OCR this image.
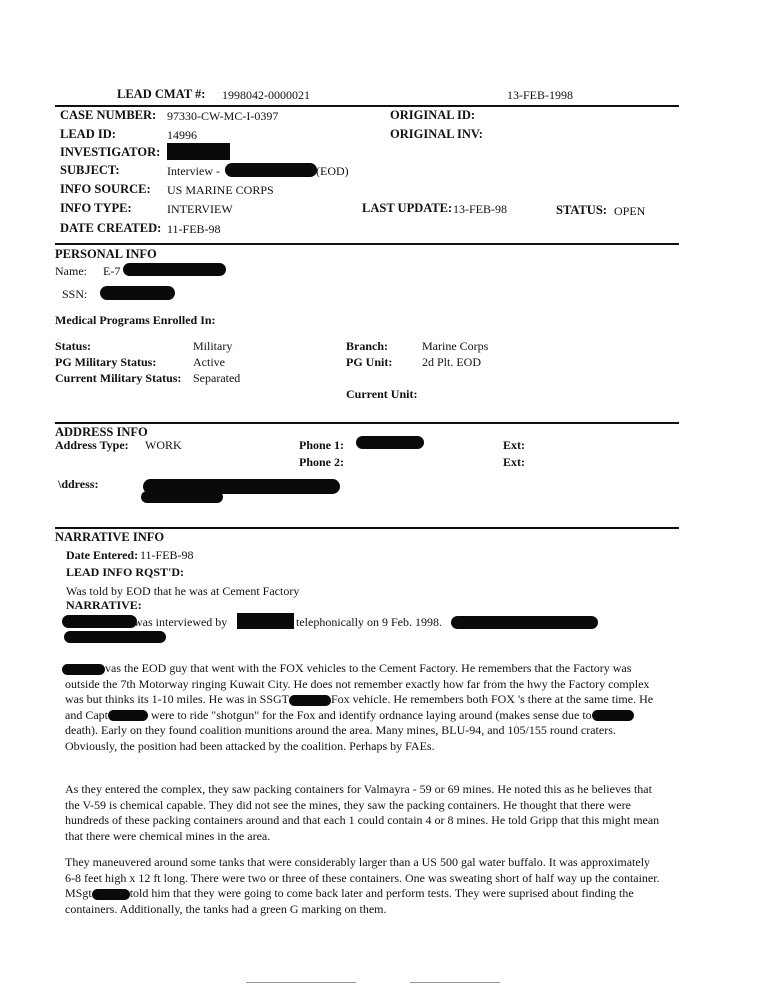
LEAD CMAT #: 1998042-0000021	13-FEB-1998
CASE NUMBER: 97330-CW-MC-I-0397	ORIGINAL ID:
LEAD ID:	14996	ORIGINAL INV:
INVESTIGATOR:
SUBJECT:	Interview -	(EOD)
INFO SOURCE: US MARINE CORPS
INFO TYPE:	INTERVIEW	LAST UPDATE: 13-FEB-98	STATUS: OPEN
DATE CREATED: 11-FEB-98
PERSONAL INFO
Name: E-7
SSN:
Medical Programs Enrolled In:
Status:	Military	Branch:	Marine Corps
PG Military Status:	Active	PG Unit: 2d Plt. EOD
Current Military Status: Separated
Current Unit:
ADDRESS INFO
Address Type: WORK	Phone 1:	Ext:
Phone 2:	Ext:
\ddress:
NARRATIVE INFO
Date Entered: 11-FEB-98
LEAD INFO RQST'D:
Was told by EOD that he was at Cement Factory
NARRATIVE:
was interviewed by	telephonically on 9 Feb. 1998.
vas the EOD guy that went with the FOX vehicles to the Cement Factory. He remembers that the Factory was outside the 7th Motorway ringing Kuwait City. He does not remember exactly how far from the hwy the Factory complex was but thinks its 1-10 miles. He was in SSGT	Fox vehicle. He remembers both FOX 's there at the same time. He and Capt	were to ride "shotgun" for the Fox and identify ordnance laying around (makes sense due todeath). Early on they found coalition munitions around the area. Many mines, BLU-94, and 105/155 round craters. Obviously, the position had been attacked by the coalition. Perhaps by FAEs.
As they entered the complex, they saw packing containers for Valmayra - 59 or 69 mines. He noted this as he believes that the V-59 is chemical capable. They did not see the mines, they saw the packing containers. He thought that there were hundreds of these packing containers around and that each 1 could contain 4 or 8 mines. He told Gripp that this might mean that there were chemical mines in the area.
They maneuvered around some tanks that were considerably larger than a US 500 gal water buffalo. It was approximately 6-8 feet high x 12 ft long. There were two or three of these containers. One was sweating short of half way up the container. MSgt	told him that they were going to come back later and perform tests. They were suprised about finding the containers. Additionally, the tanks had a green G marking on them.
